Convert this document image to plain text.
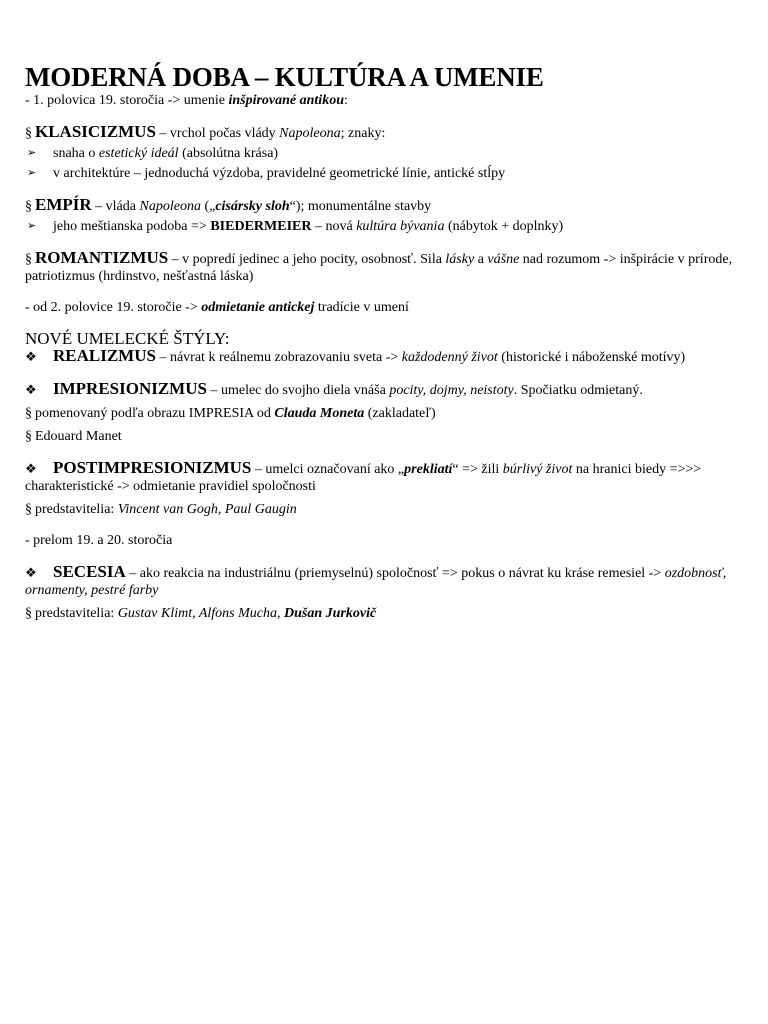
MODERNÁ DOBA – KULTÚRA A UMENIE

- 1. polovica 19. storočia -> umenie inšpirované antikou:

§ KLASICIZMUS – vrchol počas vlády Napoleona; znaky:

➢ snaha o estetický ideál (absolútna krása)
➢ v architektúre – jednoduchá výzdoba, pravidelné geometrické línie, antické stĺpy

§ EMPÍR – vláda Napoleona („cisársky sloh“); monumentálne stavby

➢ jeho meštianska podoba => BIEDERMEIER – nová kultúra bývania (nábytok + doplnky)

§ ROMANTIZMUS – v popredí jedinec a jeho pocity, osobnosť. Sila lásky a vášne nad rozumom -> inšpirácie v prírode, patriotizmus (hrdinstvo, nešťastná láska)

- od 2. polovice 19. storočie -> odmietanie antickej tradície v umení

NOVÉ UMELECKÉ ŠTÝLY:

❖ REALIZMUS – návrat k reálnemu zobrazovaniu sveta -> každodenný život (historické i náboženské motívy)

❖ IMPRESIONIZMUS – umelec do svojho diela vnáša pocity, dojmy, neistoty. Spočiatku odmietaný.

§ pomenovaný podľa obrazu IMPRESIA od Clauda Moneta (zakladateľ)

§ Edouard Manet

❖ POSTIMPRESIONIZMUS – umelci označovaní ako „prekliatí“ => žili búrlivý život na hranici biedy =>>> charakteristické -> odmietanie pravidiel spoločnosti

§ predstavitelia: Vincent van Gogh, Paul Gaugin

- prelom 19. a 20. storočia

❖ SECESIA – ako reakcia na industriálnu (priemyselnú) spoločnosť => pokus o návrat ku kráse remesiel -> ozdobnosť, ornamenty, pestré farby

§ predstavitelia: Gustav Klimt, Alfons Mucha, Dušan Jurkovič
